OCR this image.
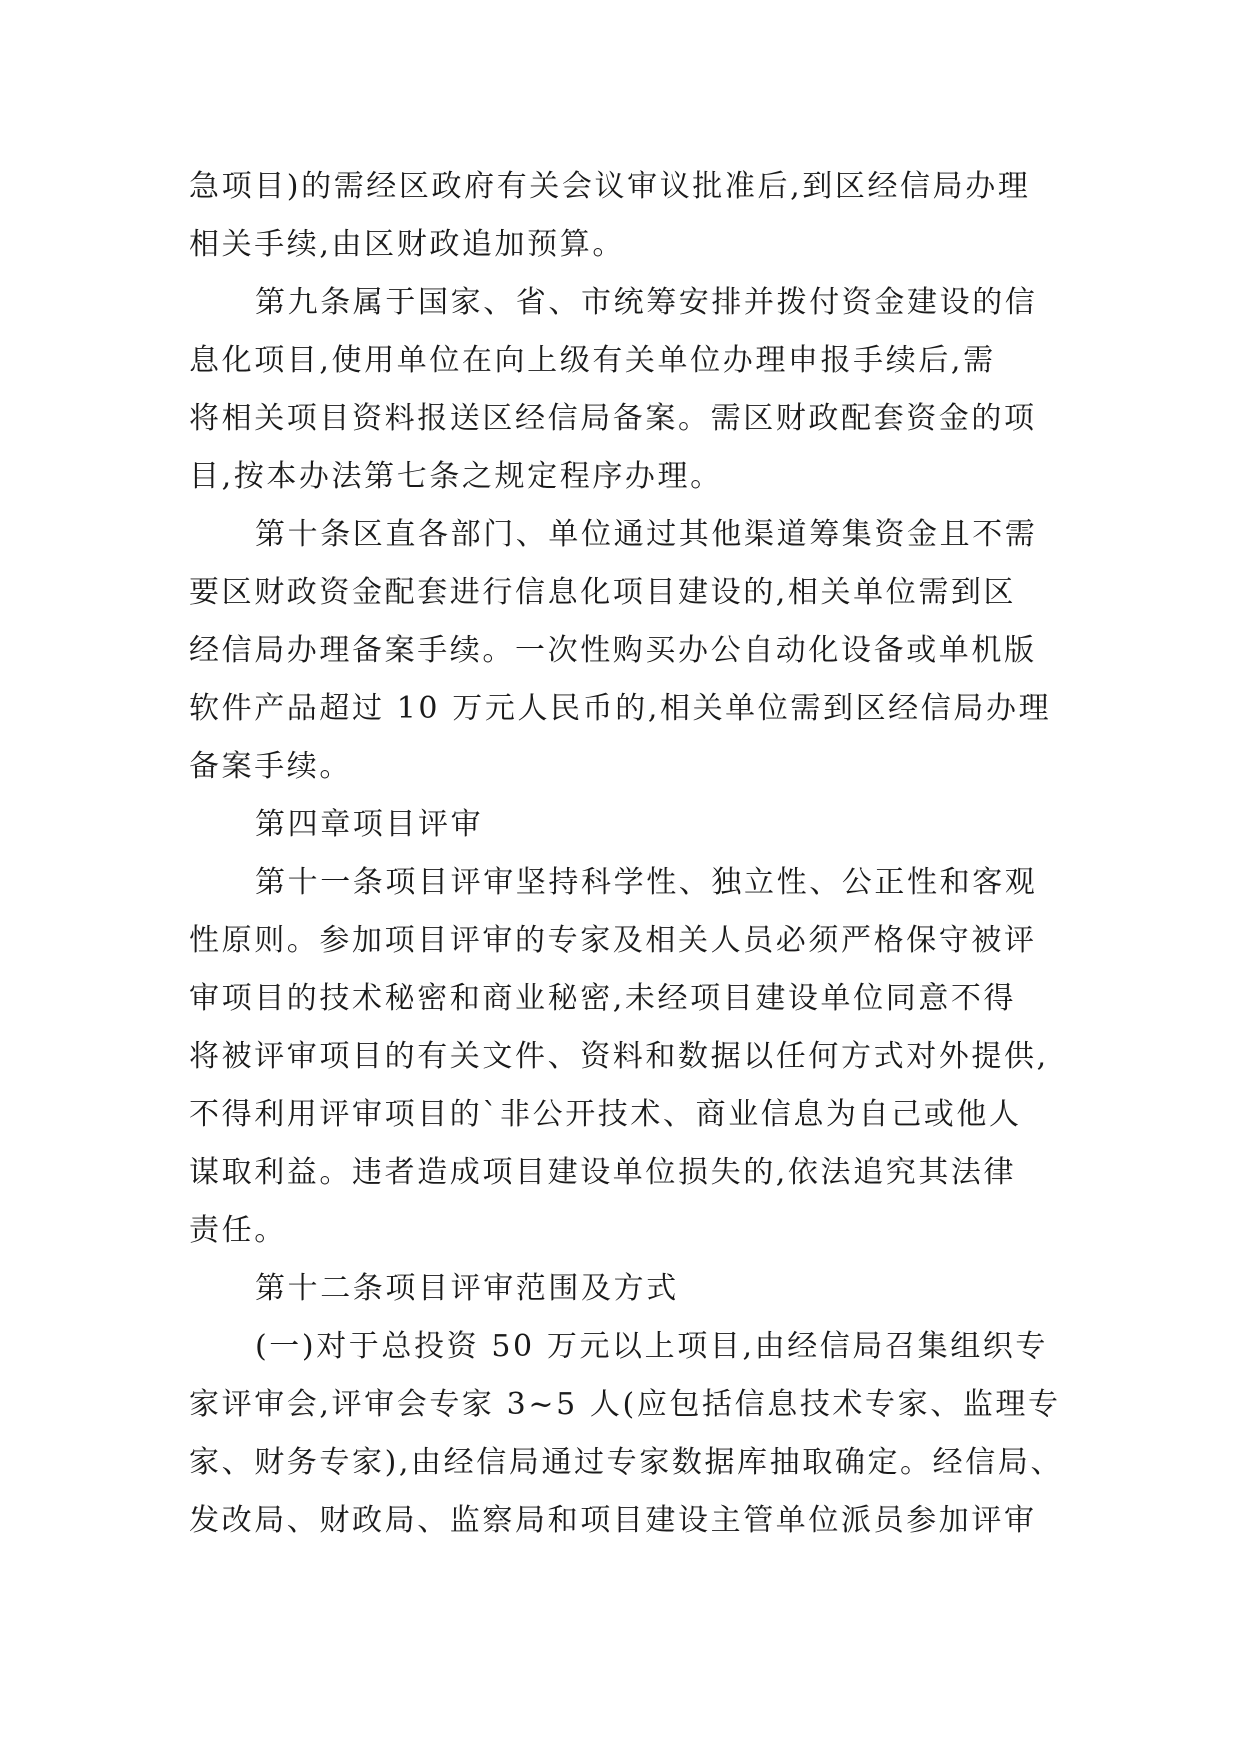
急项目)的需经区政府有关会议审议批准后,到区经信局办理

相关手续,由区财政追加预算。

第九条属于国家、省、市统筹安排并拨付资金建设的信

息化项目,使用单位在向上级有关单位办理申报手续后,需

将相关项目资料报送区经信局备案。需区财政配套资金的项

目,按本办法第七条之规定程序办理。

第十条区直各部门、单位通过其他渠道筹集资金且不需

要区财政资金配套进行信息化项目建设的,相关单位需到区

经信局办理备案手续。一次性购买办公自动化设备或单机版

软件产品超过 10 万元人民币的,相关单位需到区经信局办理

备案手续。

第四章项目评审

第十一条项目评审坚持科学性、独立性、公正性和客观

性原则。参加项目评审的专家及相关人员必须严格保守被评

审项目的技术秘密和商业秘密,未经项目建设单位同意不得

将被评审项目的有关文件、资料和数据以任何方式对外提供,

不得利用评审项目的`非公开技术、商业信息为自己或他人

谋取利益。违者造成项目建设单位损失的,依法追究其法律

责任。

第十二条项目评审范围及方式

(一)对于总投资 50 万元以上项目,由经信局召集组织专

家评审会,评审会专家 3~5 人(应包括信息技术专家、监理专

家、财务专家),由经信局通过专家数据库抽取确定。经信局、

发改局、财政局、监察局和项目建设主管单位派员参加评审
